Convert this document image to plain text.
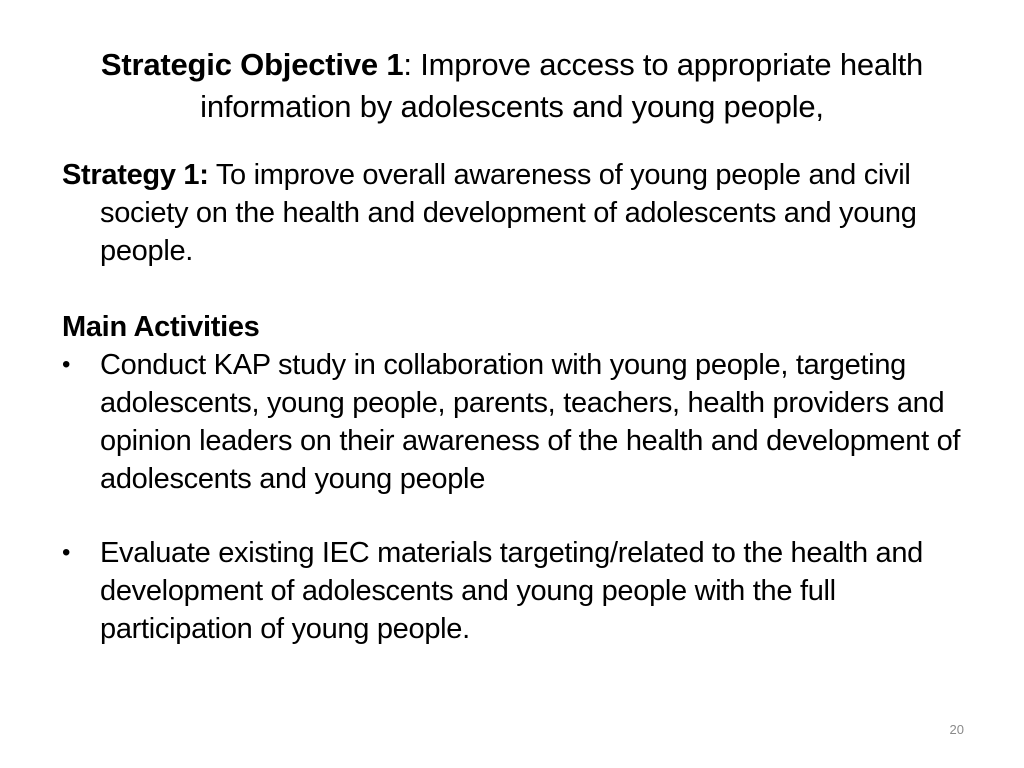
Strategic Objective 1: Improve access to appropriate health information by adolescents and young people,

Strategy 1: To improve overall awareness of young people and civil society on the health and development of adolescents and young people.

Main Activities

• Conduct KAP study in collaboration with young people, targeting adolescents, young people, parents, teachers, health providers and opinion leaders on their awareness of the health and development of adolescents and young people
• Evaluate existing IEC materials targeting/related to the health and development of adolescents and young people with the full participation of young people.
20
